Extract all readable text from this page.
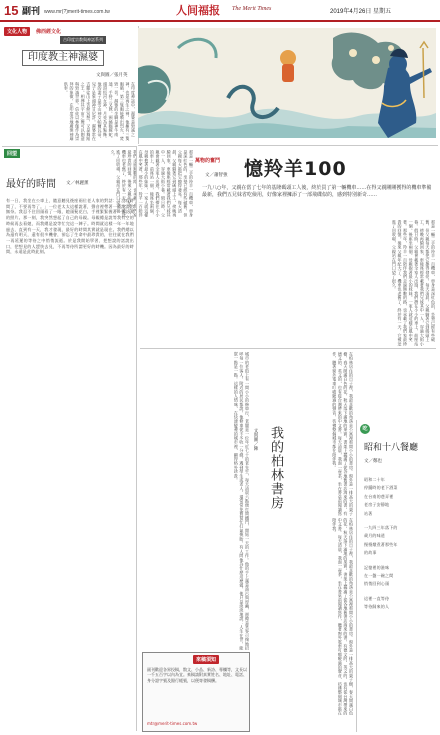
15 副刊 www.mr(?)merit-times.com.tw	人间福报 The Merit Times	2019年4月26日 星期五
文化人物	佛西經文化
古印度宗教與神話系列
印度教主神濕婆
文與圖／張月英
在印度神話中，濕婆是毀滅之神，也是再生之神，他擁有三隻眼睛，第三隻眼能噴出烈火，焚毀一切。濕婆的坐騎是神牛南迪，手持三叉戟，頸繞眼鏡蛇，頭頂恆河女神，月亮為其髮飾。他的妻子是雪山神女帕爾瓦蒂，兒子是象頭神甘尼許。濕婆常在吉羅娑山上苦修冥想，又是舞蹈之王，相傳其宇宙之舞可以創造與毀滅世界。信徒以林伽作為崇拜的象徵，在印度各地廣建神廟供奉。
萬物的奮鬥
文／蕭智強 憶羚羊100
一九八○年，父親在當了七年的基隆碼頭工人後，終於買了第一輛機車……在得父親剛剛獲得的機車準備最新，我們五兄妹省吃儉用，好像家裡擁添了一部飛碟似的，感到特別新奇……
那是一輛二手的羚羊一百機車，車身是深紅色的，坐墊已經有些破舊，但父親每天都把它擦得發亮。每天清晨，父親騎著它到碼頭上工，傍晚再騎回家，車後座經常載著我們兄妹其中一人，穿過大街小巷。假日時，父親會載著全家人出遊，我們擠在小小的車上，前座站一個，後座坐兩個，母親抱著最小的妹妹，一家人就這樣在風中笑著。那些年，羚羊一百陪伴我們走過無數的路，也承載了我們家最珍貴的回憶。後來父親年紀大了，機車也老舊了，終於有一天，它被送進了回收場，父親站在門口望了很久。
那是一輛二手的羚羊一百機車，車身是深紅色的，坐墊已經有些破舊，但父親每天都把它擦得發亮。每天清晨，父親騎著它到碼頭上工，傍晚再騎回家，車後座經常載著我們兄妹其中一人，穿過大街小巷。假日時，父親會載著全家人出遊，我們擠在小小的車上，前座站一個，後座坐兩個，母親抱著最小的妹妹，一家人就這樣在風中笑著。那些年，羚羊一百陪伴 最珍貴的回憶。後來父親年紀大了，機車也老舊了，終於有一天，它被送進了回收場，父親站在門口望了很久。
回望
最好的時間 文／林麗薰
有一日，我坐在公車上，隨意聽見後座兩位老人家的對話：「沒有時間了，不要再等了。」一位老太太這樣說著，聲音裡帶著一種淡淡的無奈。我忍不住回頭看了一眼，她頭髮花白，手裡緊緊握著一張泛黃的照片。那一刻，我突然想起了自己的母親。母親總是說等我有空的時候再去看她，而我總是說等忙完這一陣子。時間就這樣一年一年地過去，直到有一天，我才發現，最好的時間其實就是現在。我們總以為還有明天，還有很多機會，卻忘了生命中最珍貴的，往往就在我們一再延遲的等待之中悄悄流逝。於是我開始學習，把想說的話說出口，把想見的人趕快去見，不再等待所謂更好的時機。因為最好的時間，永遠是此時此刻。
城市的老街上有一間小小的修車行，老闆是一位年近七十的老先生，每天清晨六點便打開鐵門，開始一天的工作。他的手上滿是油污與厚繭，卻總是笑容可掬地招呼每一位客人。附近的居民都說，他修車從不多收一分錢，遇到學生或老人，還常常免費幫忙打氣換胎。有人問他為什麼這麼做，他只是淡淡地說：人生在世，能幫一點是一點。這樣的人情味，在快速變遷的城市裡，顯得格外珍貴。	文與圖／陳 我的柏林書房
在柏林居住的日子裡，我最喜歡的角落是公寓裡那間小小的書房。窗外是一排高大的栗子樹，春天開滿白色的花，秋天落下滿地的果實。書架上擺滿了從各地舊書店淘來的書，有德文的、英文的，也有從台灣帶來的中文書。每天清晨，我泡一壺茶，坐在書桌前閱讀寫作，聽著窗外電車叮噹駛過的聲音，彷彿整個城市都在陪伴我。
在柏林居住的日子裡，我最喜歡的角落是公寓裡那間小小的書房。窗外是一排高大的栗子樹，春天開滿白色的花，秋天落下滿地的果實。書架上擺滿了從各地舊書店淘來的書，有德文的、英文的，也有從台灣帶來的中文書。每天清晨，我泡一壺茶，坐在書桌前閱讀寫作，聽著窗外電車叮噹駛過的聲音，彷彿整個城市都在陪伴我。	吃
昭和十八餐廳
文／鄭也
昭和二十年
停擺時的老下酒菜
在台南的巷弄裡
老房子安靜地
站著
一九四三年落下的
歲月的味道
慢慢燉煮著那些年
的故事
記憶裡的滋味
在一盤一碗之間
悄悄回到心頭
這裡一直等待
等待歸來的人
來稿須知
副刊歡迎各界投稿，散文、小品、新詩、專欄等，文長以一千五百字以內為宜。來稿請附真實姓名、地址、電話、身分證字號及銀行帳號，以便寄發稿酬。
mtr@merit-times.com.tw
